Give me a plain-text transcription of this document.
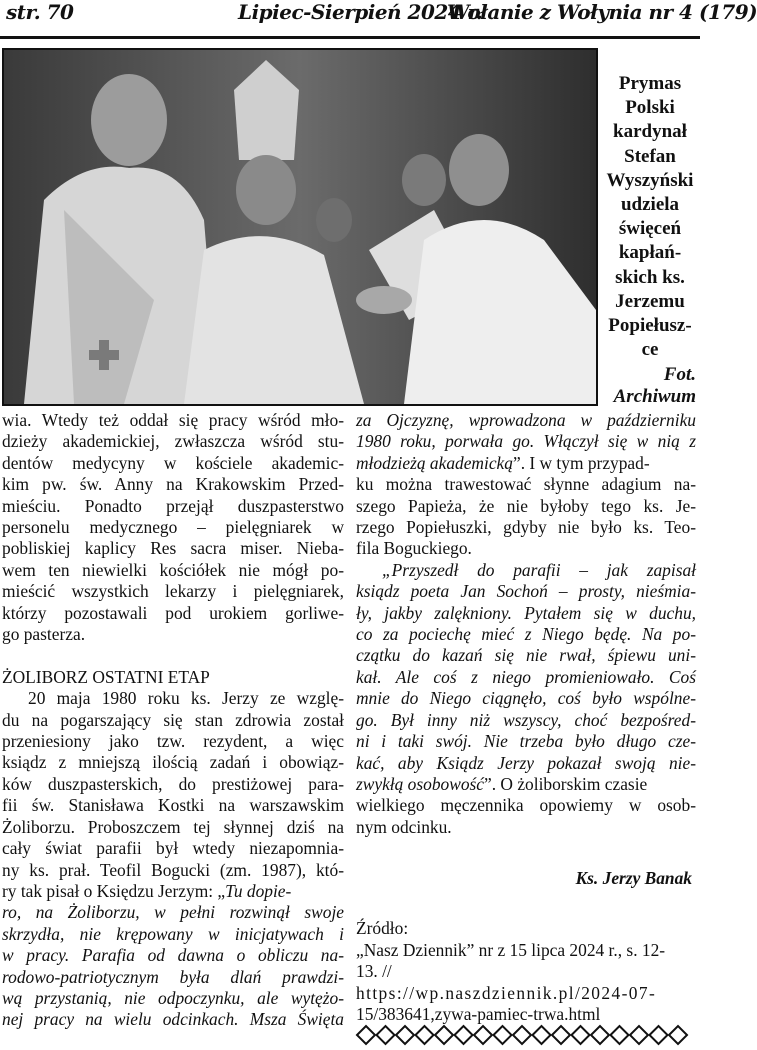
str. 70	Lipiec-Sierpień 2024 r.
Wołanie z Wołynia nr 4 (179)
Prymas
Polski
kardynał
Stefan
Wyszyński
udziela
święceń
kapłań-
skich ks.
Jerzemu
Popiełusz-
ce
Fot.
Archiwum
wia. Wtedy też oddał się pracy wśród mło-
dzieży akademickiej, zwłaszcza wśród stu-
dentów medycyny w kościele akademic-
kim pw. św. Anny na Krakowskim Przed-
mieściu. Ponadto przejął duszpasterstwo
personelu medycznego – pielęgniarek w
pobliskiej kaplicy Res sacra miser. Nieba-
wem ten niewielki kościółek nie mógł po-
mieścić wszystkich lekarzy i pielęgniarek,
którzy pozostawali pod urokiem gorliwe-
go pasterza.
ŻOLIBORZ OSTATNI ETAP
20 maja 1980 roku ks. Jerzy ze wzglę-
du na pogarszający się stan zdrowia został
przeniesiony jako tzw. rezydent, a więc
ksiądz z mniejszą ilością zadań i obowiąz-
ków duszpasterskich, do prestiżowej para-
fii św. Stanisława Kostki na warszawskim
Żoliborzu. Proboszczem tej słynnej dziś na
cały świat parafii był wtedy niezapomnia-
ny ks. prał. Teofil Bogucki (zm. 1987), któ-
ry tak pisał o Księdzu Jerzym: „Tu dopie-
ro, na Żoliborzu, w pełni rozwinął swoje
skrzydła, nie krępowany w inicjatywach i
w pracy. Parafia od dawna o obliczu na-
rodowo-patriotycznym była dlań prawdzi-
wą przystanią, nie odpoczynku, ale wytężo-
nej pracy na wielu odcinkach. Msza Święta
za Ojczyznę, wprowadzona w październiku
1980 roku, porwała go. Włączył się w nią z
młodzieżą akademicką”. I w tym przypad-
ku można trawestować słynne adagium na-
szego Papieża, że nie byłoby tego ks. Je-
rzego Popiełuszki, gdyby nie było ks. Teo-
fila Boguckiego.
„Przyszedł do parafii – jak zapisał
ksiądz poeta Jan Sochoń – prosty, nieśmia-
ły, jakby zalękniony. Pytałem się w duchu,
co za pociechę mieć z Niego będę. Na po-
czątku do kazań się nie rwał, śpiewu uni-
kał. Ale coś z niego promieniowało. Coś
mnie do Niego ciągnęło, coś było wspólne-
go. Był inny niż wszyscy, choć bezpośred-
ni i taki swój. Nie trzeba było długo cze-
kać, aby Ksiądz Jerzy pokazał swoją nie-
zwykłą osobowość”. O żoliborskim czasie
wielkiego męczennika opowiemy w osob-
nym odcinku.
Ks. Jerzy Banak
Źródło:
„Nasz Dziennik” nr z 15 lipca 2024 r., s. 12-
13. //
https://wp.naszdziennik.pl/2024-07-
15/383641,zywa-pamiec-trwa.html
